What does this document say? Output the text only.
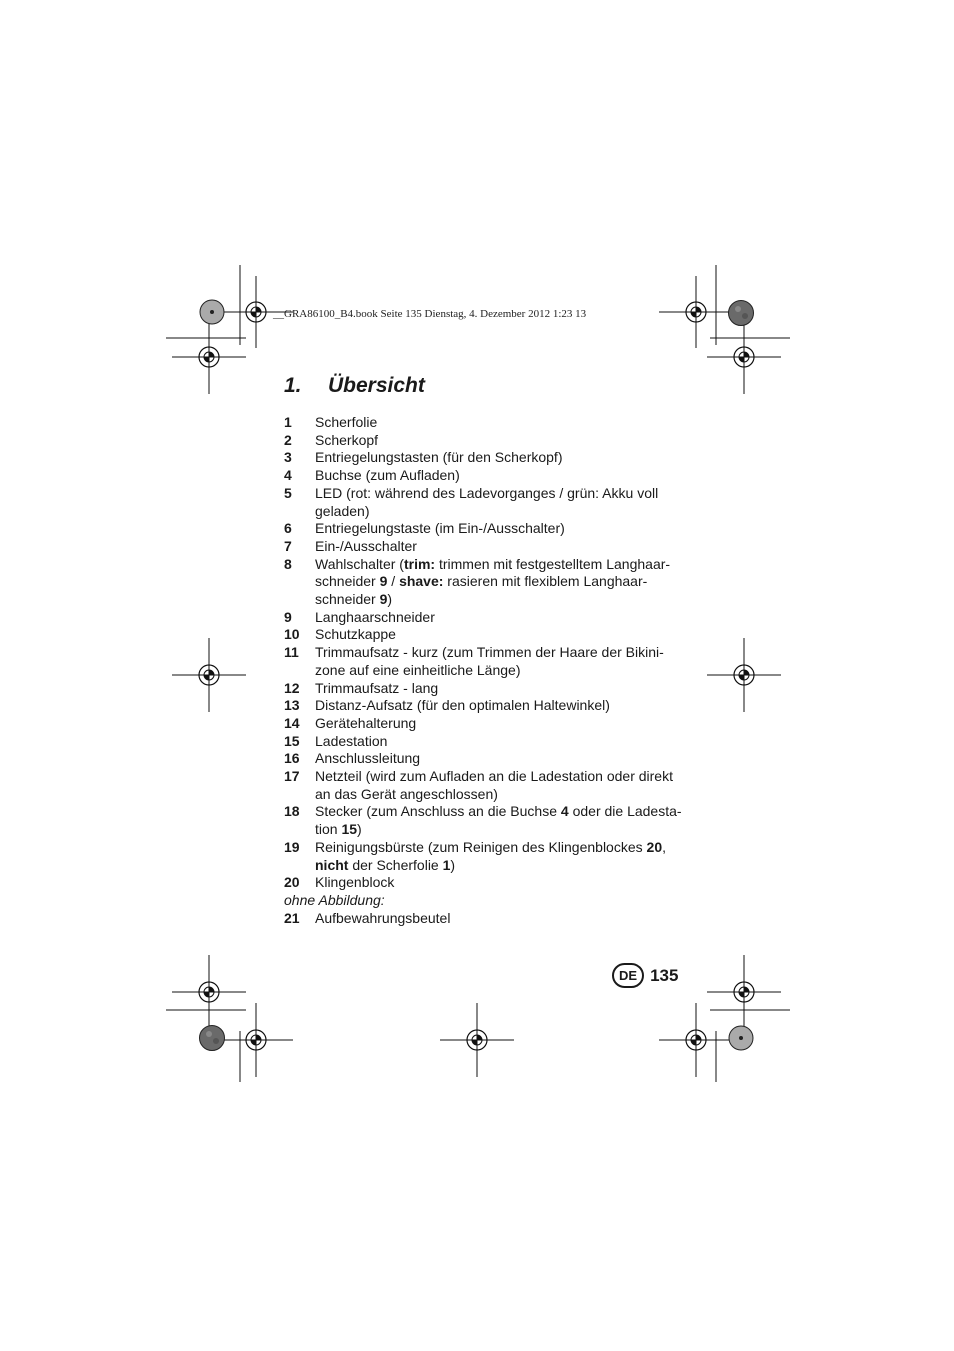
__GRA86100_B4.book Seite 135 Dienstag, 4. Dezember 2012 1:23 13
1. Übersicht
1	Scherfolie
2	Scherkopf
3	Entriegelungstasten (für den Scherkopf)
4	Buchse (zum Aufladen)
5	LED (rot: während des Ladevorganges / grün: Akku voll geladen)
6	Entriegelungstaste (im Ein-/Ausschalter)
7	Ein-/Ausschalter
8	Wahlschalter (trim: trimmen mit festgestelltem Langhaarschneider 9 / shave: rasieren mit flexiblem Langhaarschneider 9)
9	Langhaarschneider
10	Schutzkappe
11	Trimmaufsatz - kurz (zum Trimmen der Haare der Bikinizone auf eine einheitliche Länge)
12	Trimmaufsatz - lang
13	Distanz-Aufsatz (für den optimalen Haltewinkel)
14	Gerätehalterung
15	Ladestation
16	Anschlussleitung
17	Netzteil (wird zum Aufladen an die Ladestation oder direkt an das Gerät angeschlossen)
18	Stecker (zum Anschluss an die Buchse 4 oder die Ladestation 15)
19	Reinigungsbürste (zum Reinigen des Klingenblockes 20, nicht der Scherfolie 1)
20	Klingenblock
ohne Abbildung:
21	Aufbewahrungsbeutel
DE 135
